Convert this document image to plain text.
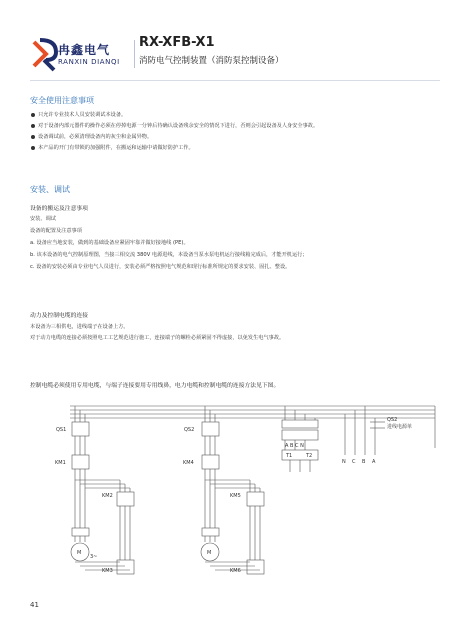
冉鑫电气
RANXIN DIANQI
RX-XFB-X1
消防电气控制装置（消防泵控制设备）
安全使用注意事项
只允许专业技术人员安装调试本设备。
对于设备内部元器件的操作必须在停掉电源一分钟后待确认设备残余安全的情况下进行，否则会引起设备及人身安全事故。
设备调试前，必须清理设备内的灰尘和金属异物。
本产品的开门有带锁的加强附件，在搬运和运输中请做好防护工作。
安装、调试
设备的搬运及注意事项
安装、调试
设备的配置及注意事项
a. 设备应当地安装，做到的基础设备应紧固牢靠并做好接地线 (PE)。
b. 该本设备的电气控制原理图，当接三相交流 380V 电源进线，本设备当泵水泵电机运行接线箱完成后，才能开机运行；
c. 设备的安装必须由专业电气人员进行，安装必须严格按照电气规范和现行标准所规定的要求安装、固扎、整设。
动力及控制电缆的连接
本设备为三相供电，进线端子在设备上方。
对于动力电缆的连接必须按照电工工艺规范进行施工，连接端子的螺栓必须紧固不得虚接，以免发生电气事故。
控制电缆必须使用专用电缆，与端子连接要用专用线鼻，电力电缆和控制电缆的连接方法见下图。
QS1
KM1
KM2
KM3
M
3~
QS2
KM4
KM5
KM6
M
A B C N
T1	T2
QS2
进线电源单
N C B A
41
